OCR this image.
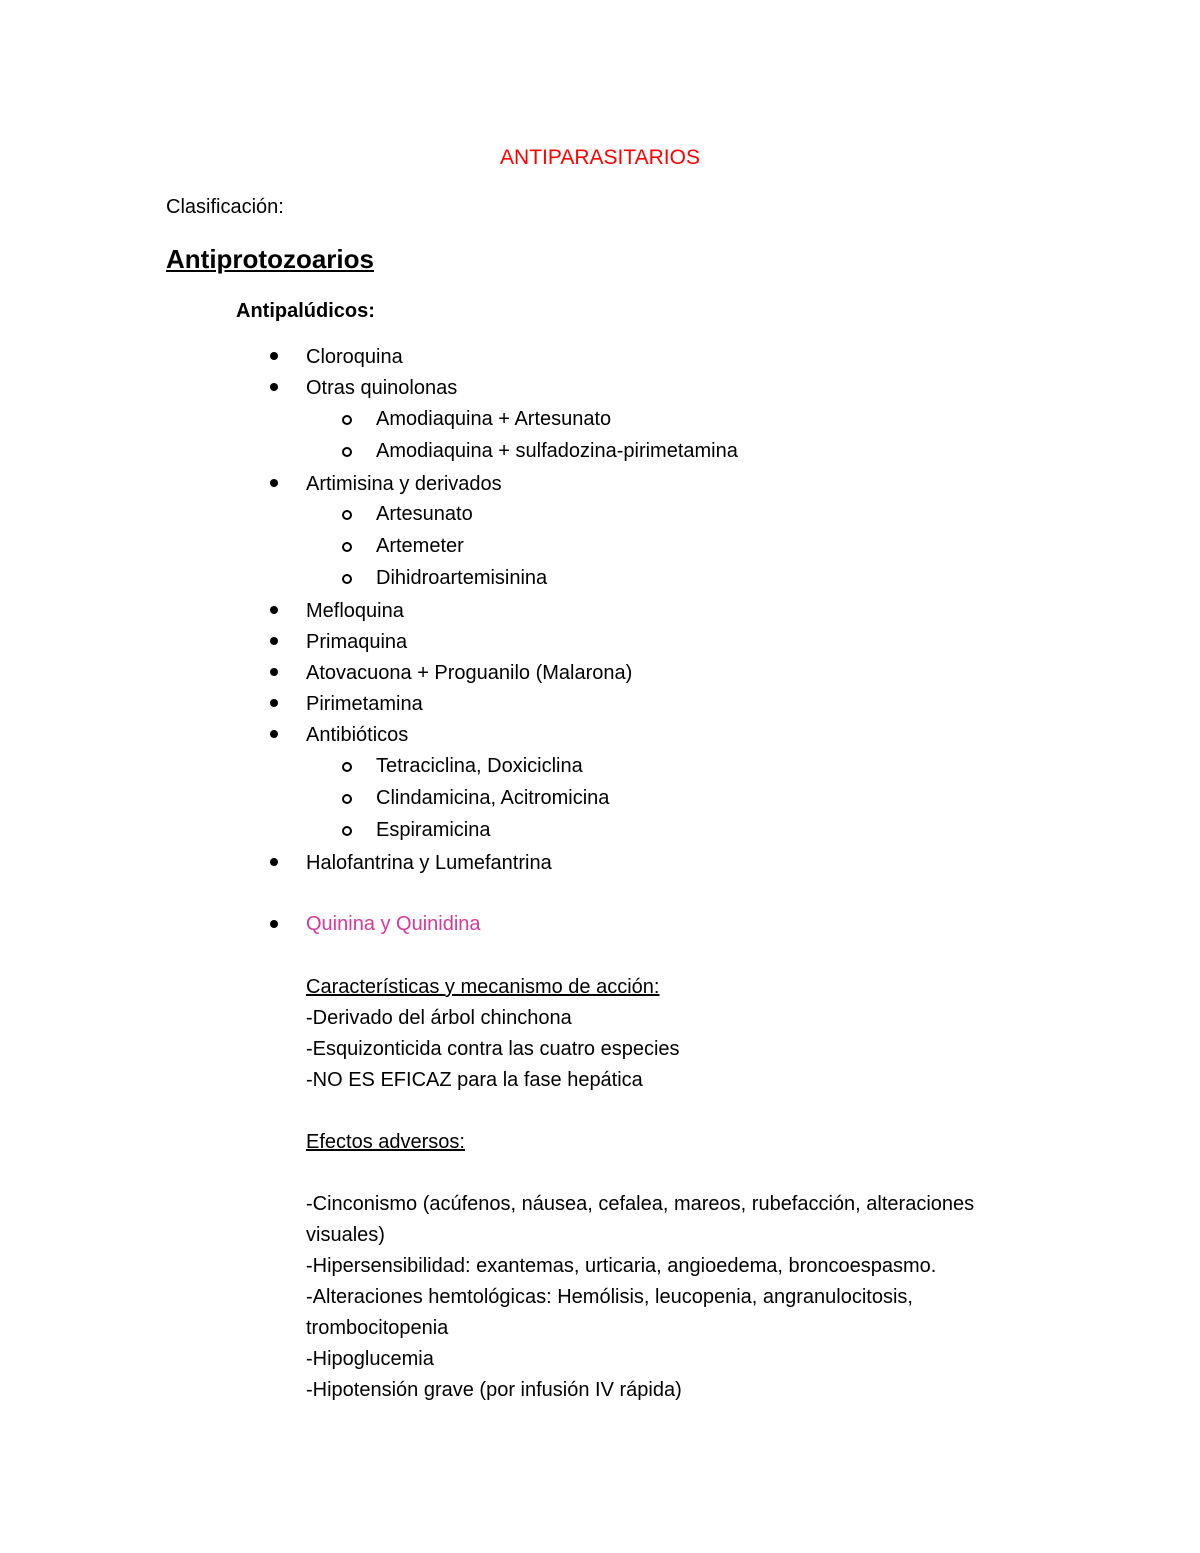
ANTIPARASITARIOS
Clasificación:
Antiprotozoarios
Antipalúdicos:
Cloroquina
Otras quinolonas
Amodiaquina + Artesunato
Amodiaquina + sulfadozina-pirimetamina
Artimisina y derivados
Artesunato
Artemeter
Dihidroartemisinina
Mefloquina
Primaquina
Atovacuona + Proguanilo (Malarona)
Pirimetamina
Antibióticos
Tetraciclina, Doxiciclina
Clindamicina, Acitromicina
Espiramicina
Halofantrina y Lumefantrina
Quinina y Quinidina
Características y mecanismo de acción:
-Derivado del árbol chinchona
-Esquizonticida contra las cuatro especies
-NO ES EFICAZ para la fase hepática
Efectos adversos:
-Cinconismo (acúfenos, náusea, cefalea, mareos, rubefacción, alteraciones
visuales)
-Hipersensibilidad: exantemas, urticaria, angioedema, broncoespasmo.
-Alteraciones hemtológicas: Hemólisis, leucopenia, angranulocitosis,
trombocitopenia
-Hipoglucemia
-Hipotensión grave (por infusión IV rápida)
